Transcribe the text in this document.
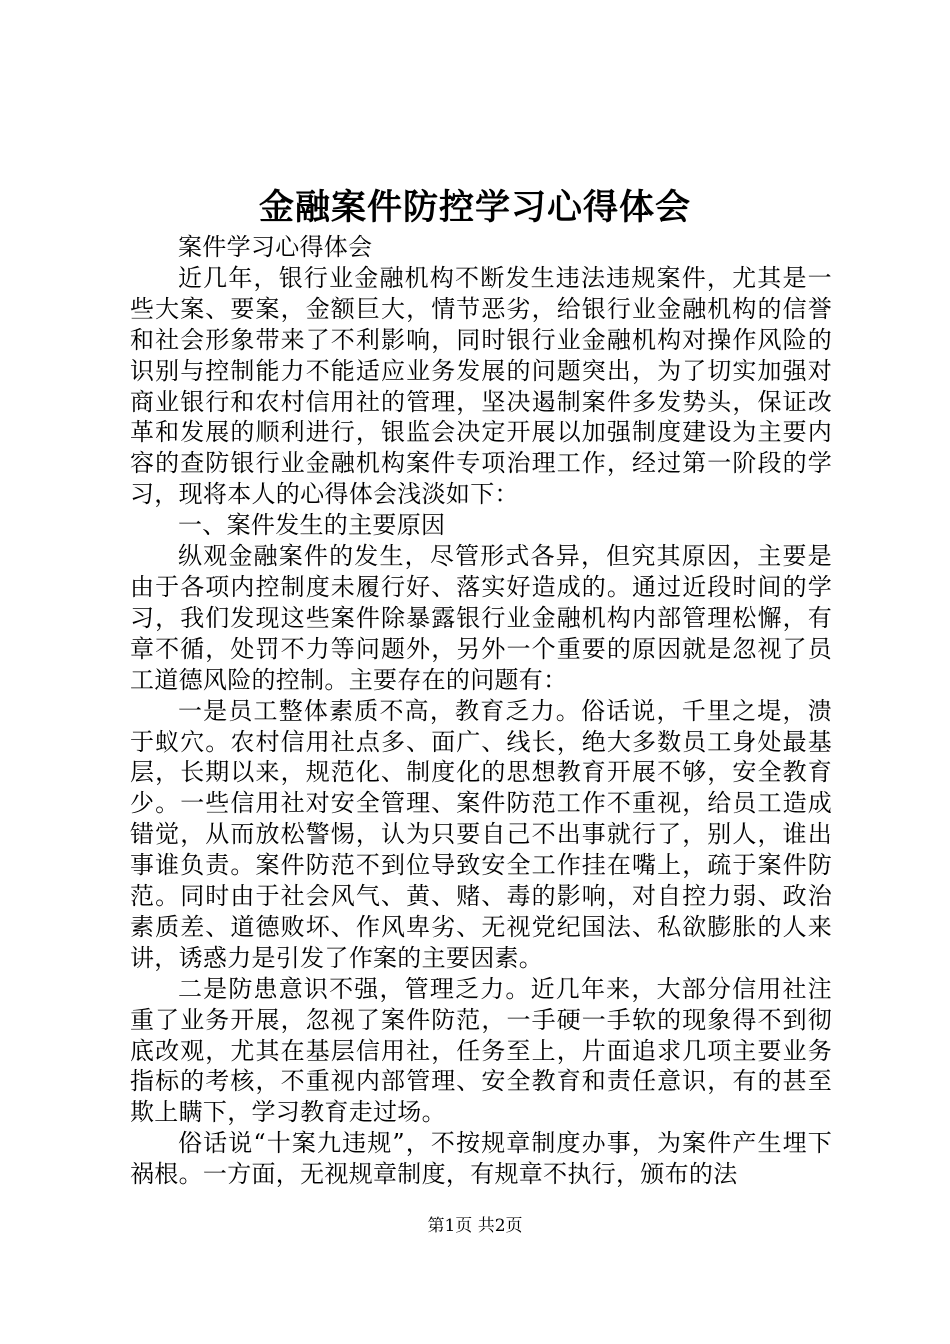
金融案件防控学习心得体会

案件学习心得体会

近几年，银行业金融机构不断发生违法违规案件，尤其是一些大案、要案，金额巨大，情节恶劣，给银行业金融机构的信誉和社会形象带来了不利影响，同时银行业金融机构对操作风险的识别与控制能力不能适应业务发展的问题突出，为了切实加强对商业银行和农村信用社的管理，坚决遏制案件多发势头，保证改革和发展的顺利进行，银监会决定开展以加强制度建设为主要内容的查防银行业金融机构案件专项治理工作，经过第一阶段的学习，现将本人的心得体会浅淡如下：

一、案件发生的主要原因

纵观金融案件的发生，尽管形式各异，但究其原因，主要是由于各项内控制度未履行好、落实好造成的。通过近段时间的学习，我们发现这些案件除暴露银行业金融机构内部管理松懈，有章不循，处罚不力等问题外，另外一个重要的原因就是忽视了员工道德风险的控制。主要存在的问题有：

一是员工整体素质不高，教育乏力。俗话说，千里之堤，溃于蚁穴。农村信用社点多、面广、线长，绝大多数员工身处最基层，长期以来，规范化、制度化的思想教育开展不够，安全教育少。一些信用社对安全管理、案件防范工作不重视，给员工造成错觉，从而放松警惕，认为只要自己不出事就行了，别人，谁出事谁负责。案件防范不到位导致安全工作挂在嘴上，疏于案件防范。同时由于社会风气、黄、赌、毒的影响，对自控力弱、政治素质差、道德败坏、作风卑劣、无视党纪国法、私欲膨胀的人来讲，诱惑力是引发了作案的主要因素。

二是防患意识不强，管理乏力。近几年来，大部分信用社注重了业务开展，忽视了案件防范，一手硬一手软的现象得不到彻底改观，尤其在基层信用社，任务至上，片面追求几项主要业务指标的考核，不重视内部管理、安全教育和责任意识，有的甚至欺上瞒下，学习教育走过场。

俗话说“十案九违规”，不按规章制度办事，为案件产生埋下祸根。一方面，无视规章制度，有规章不执行，颁布的法

第1页 共2页
